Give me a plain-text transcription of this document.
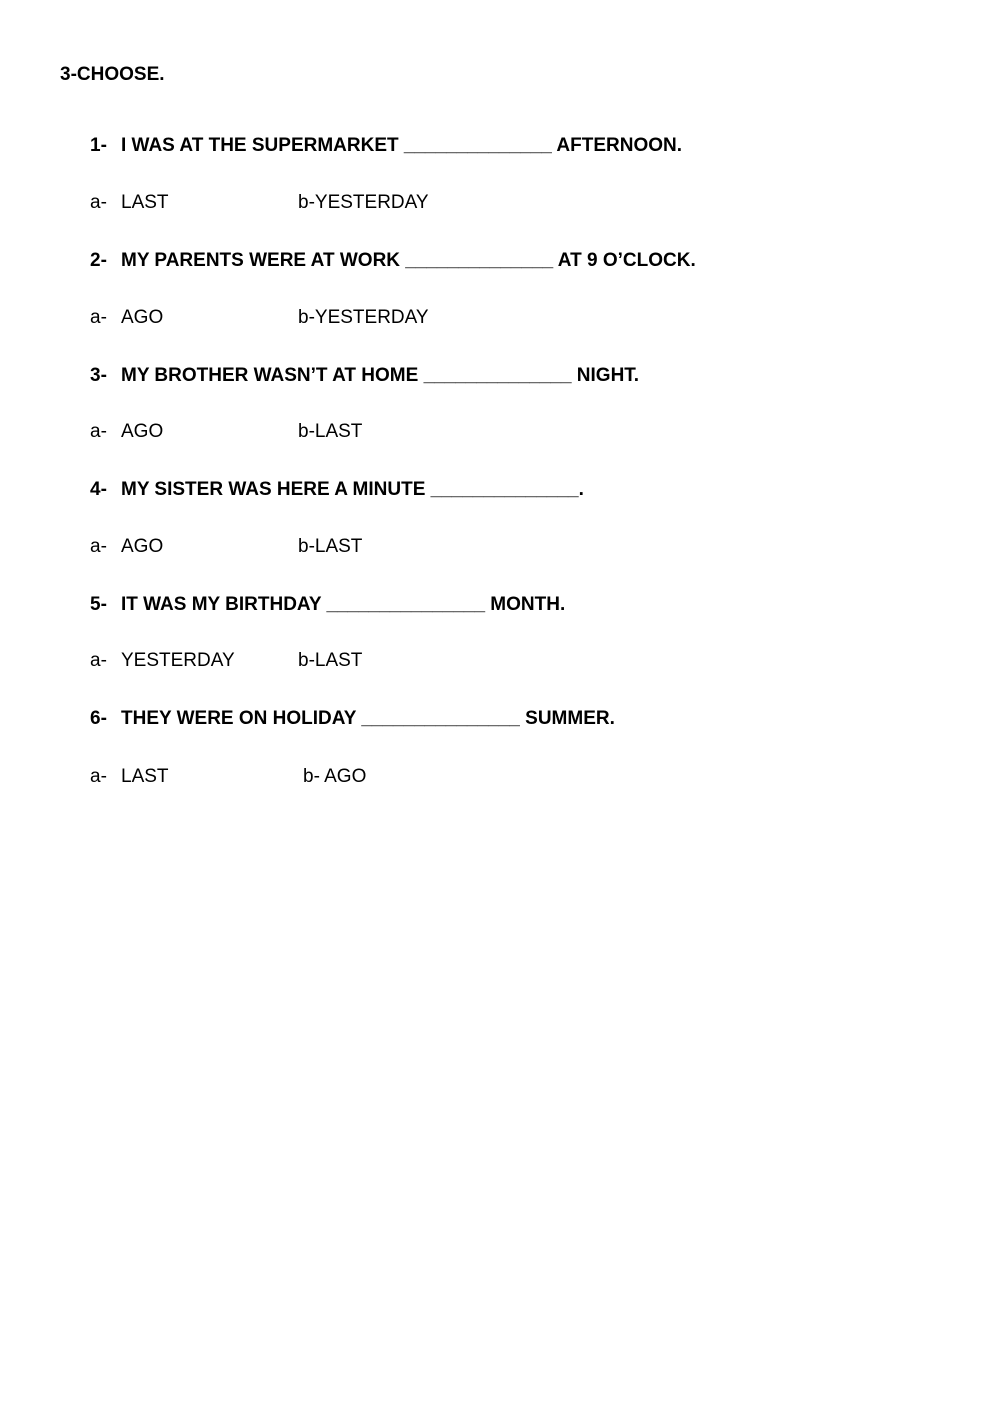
3-CHOOSE.
1- I WAS AT THE SUPERMARKET ______________ AFTERNOON.
a- LAST	b-YESTERDAY
2- MY PARENTS WERE AT WORK ______________ AT 9 O’CLOCK.
a- AGO	b-YESTERDAY
3- MY BROTHER WASN’T AT HOME ______________ NIGHT.
a- AGO	b-LAST
4- MY SISTER WAS HERE A MINUTE ______________.
a- AGO	b-LAST
5- IT WAS MY BIRTHDAY _______________ MONTH.
a- YESTERDAY	b-LAST
6- THEY WERE ON HOLIDAY _______________ SUMMER.
a- LAST	b- AGO
